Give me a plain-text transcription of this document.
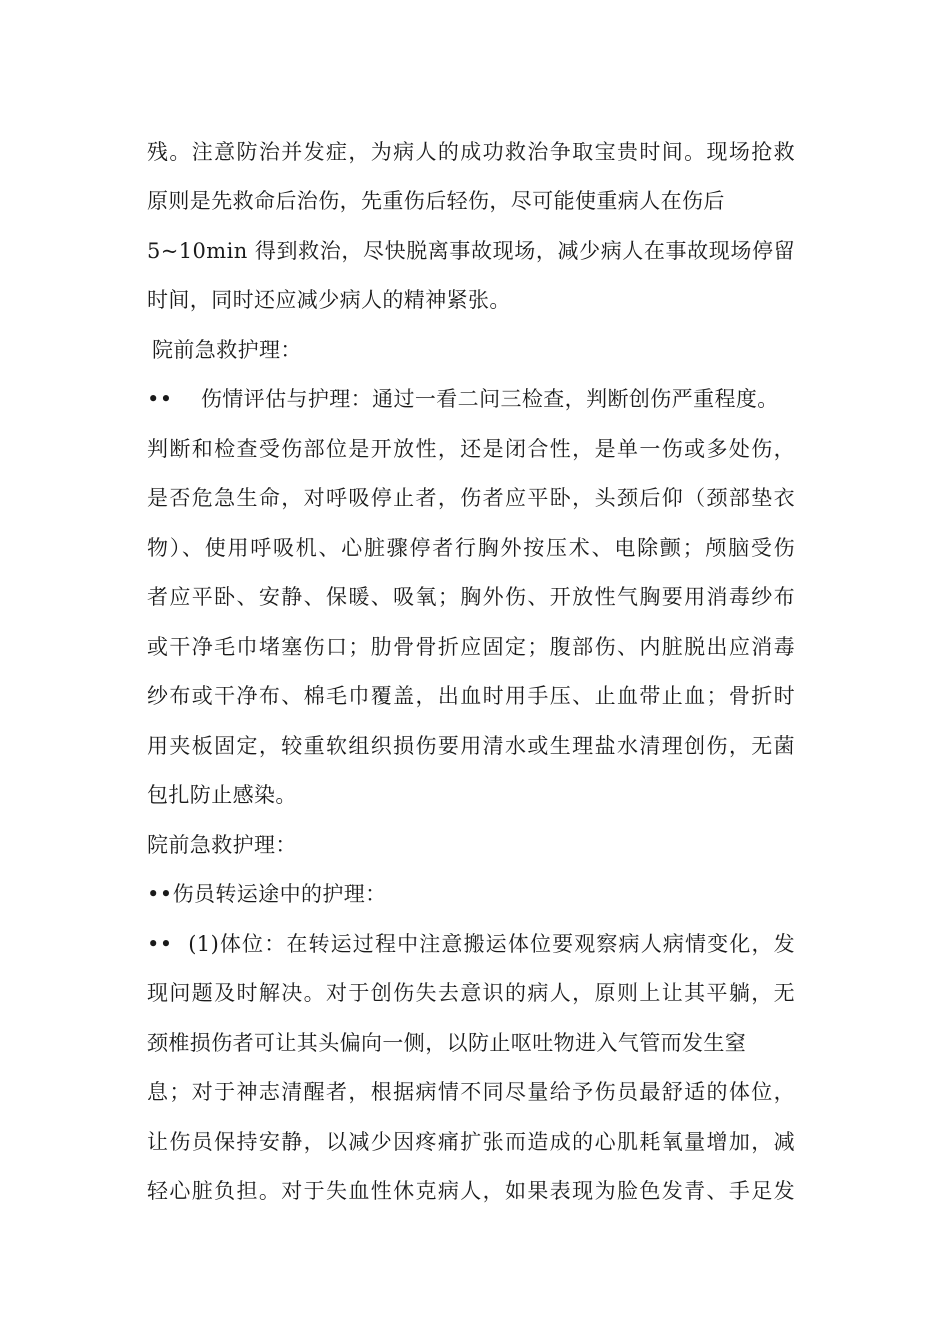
残。注意防治并发症，为病人的成功救治争取宝贵时间。现场抢救
原则是先救命后治伤，先重伤后轻伤，尽可能使重病人在伤后
5~10min 得到救治，尽快脱离事故现场，减少病人在事故现场停留
时间，同时还应减少病人的精神紧张。
院前急救护理：
••    伤情评估与护理：通过一看二问三检查，判断创伤严重程度。
判断和检查受伤部位是开放性，还是闭合性，是单一伤或多处伤，
是否危急生命，对呼吸停止者，伤者应平卧，头颈后仰（颈部垫衣
物）、使用呼吸机、心脏骤停者行胸外按压术、电除颤；颅脑受伤
者应平卧、安静、保暖、吸氧；胸外伤、开放性气胸要用消毒纱布
或干净毛巾堵塞伤口；肋骨骨折应固定；腹部伤、内脏脱出应消毒
纱布或干净布、棉毛巾覆盖，出血时用手压、止血带止血；骨折时
用夹板固定，较重软组织损伤要用清水或生理盐水清理创伤，无菌
包扎防止感染。
院前急救护理：
••伤员转运途中的护理：
••  (1)体位：在转运过程中注意搬运体位要观察病人病情变化，发
现问题及时解决。对于创伤失去意识的病人，原则上让其平躺，无
颈椎损伤者可让其头偏向一侧，以防止呕吐物进入气管而发生窒
息；对于神志清醒者，根据病情不同尽量给予伤员最舒适的体位，
让伤员保持安静，以减少因疼痛扩张而造成的心肌耗氧量增加，减
轻心脏负担。对于失血性休克病人，如果表现为脸色发青、手足发
